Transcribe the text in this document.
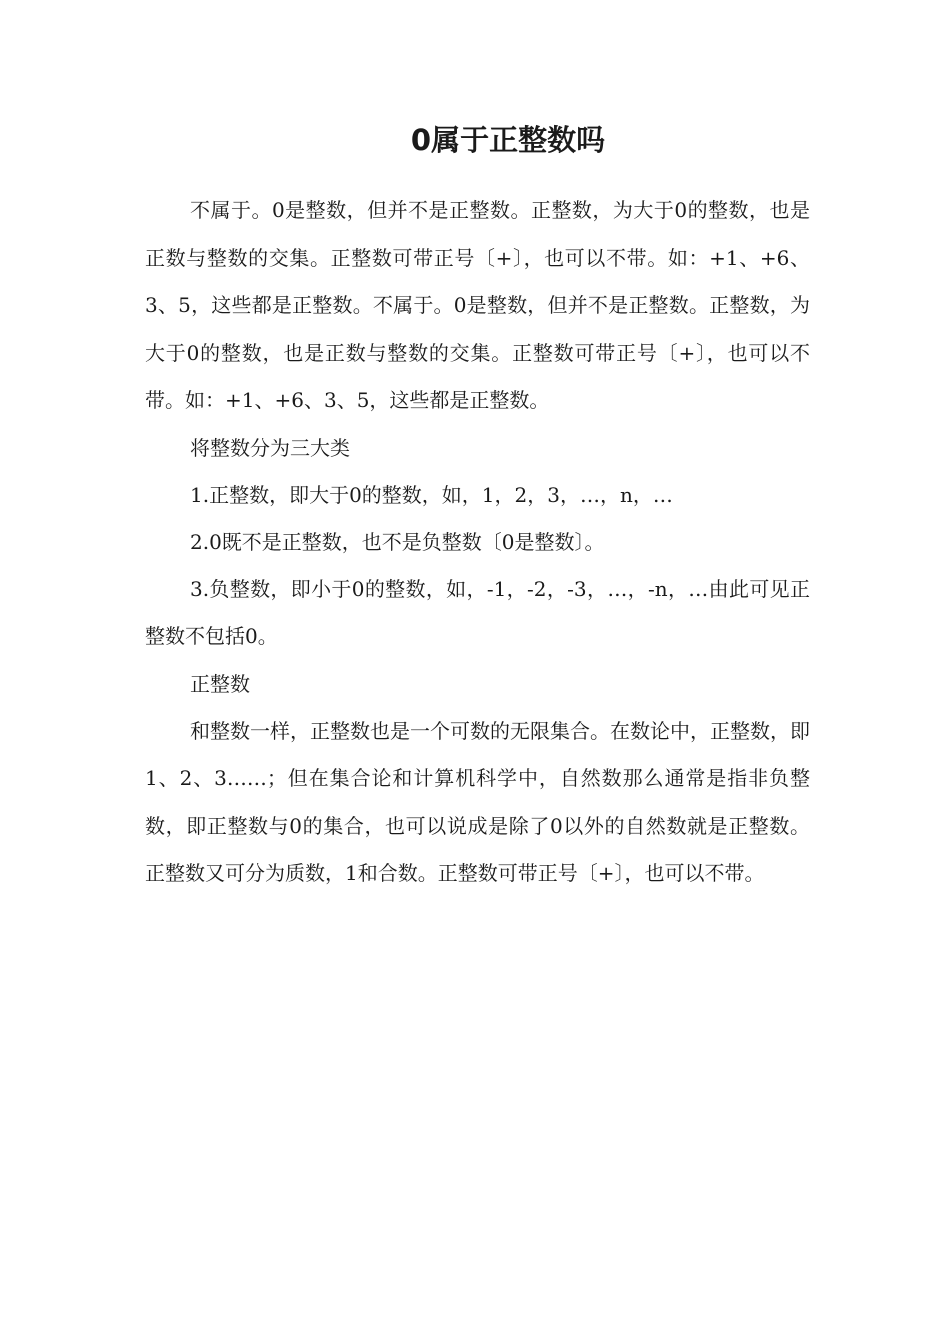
0属于正整数吗

不属于。0是整数，但并不是正整数。正整数，为大于0的整数，也是正数与整数的交集。正整数可带正号〔+〕，也可以不带。如：+1、+6、3、5，这些都是正整数。不属于。0是整数，但并不是正整数。正整数，为大于0的整数，也是正数与整数的交集。正整数可带正号〔+〕，也可以不带。如：+1、+6、3、5，这些都是正整数。

将整数分为三大类

1.正整数，即大于0的整数，如，1，2，3，…，n，…

2.0既不是正整数，也不是负整数〔0是整数〕。

3.负整数，即小于0的整数，如，-1，-2，-3，…，-n，…由此可见正整数不包括0。

正整数

和整数一样，正整数也是一个可数的无限集合。在数论中，正整数，即1、2、3……；但在集合论和计算机科学中，自然数那么通常是指非负整数，即正整数与0的集合，也可以说成是除了0以外的自然数就是正整数。正整数又可分为质数，1和合数。正整数可带正号〔+〕，也可以不带。
